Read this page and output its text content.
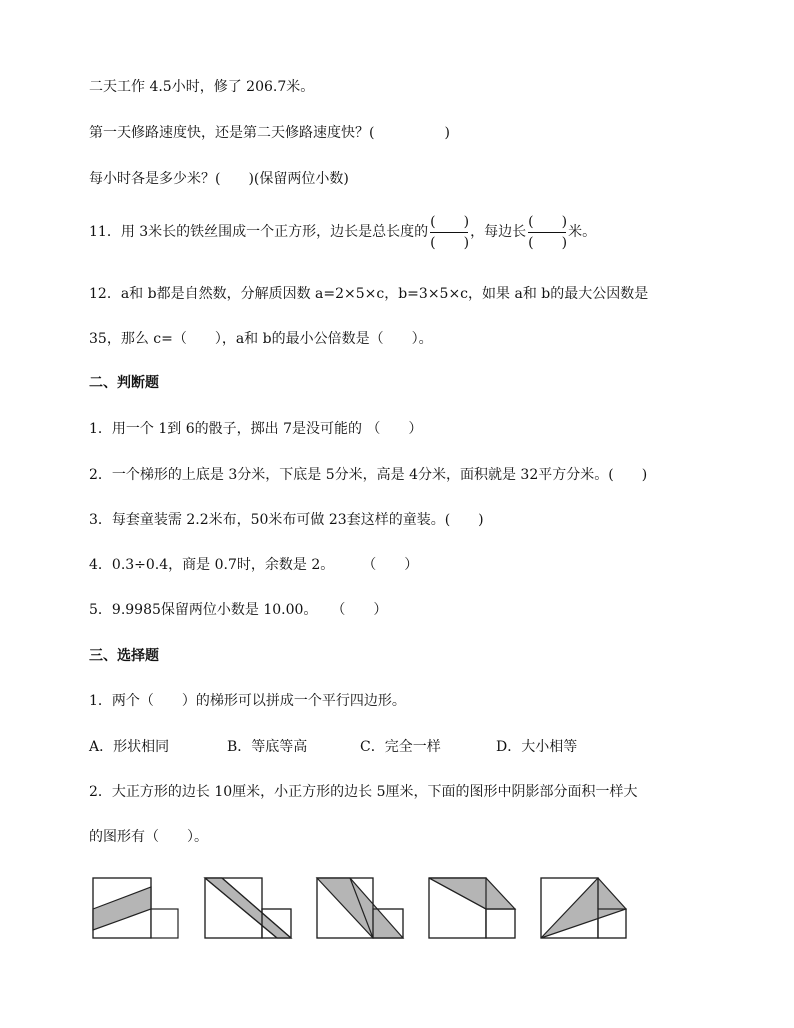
二天工作 4.5小时，修了 206.7米。
第一天修路速度快，还是第二天修路速度快？(　　　　　)
每小时各是多少米？(　　)(保留两位小数)
11．用 3米长的铁丝围成一个正方形，边长是总长度的 $\frac{( )}{( )}$ ，每边长 $\frac{( )}{( )}$ 米。
12．a和 b都是自然数，分解质因数 a=2×5×c，b=3×5×c，如果 a和 b的最大公因数是
35，那么 c=（　　），a和 b的最小公倍数是（　　）。
二、判断题
1．用一个 1到 6的骰子，掷出 7是没可能的 （　　）
2．一个梯形的上底是 3分米，下底是 5分米，高是 4分米，面积就是 32平方分米。(　　)
3．每套童装需 2.2米布，50米布可做 23套这样的童装。(　　)
4．0.3÷0.4，商是 0.7时，余数是 2。　　　（　　）
5．9.9985保留两位小数是 10.00。　　（　　）
三、选择题
1．两个（　　）的梯形可以拼成一个平行四边形。
A．形状相同	B．等底等高	C．完全一样	D．大小相等
2．大正方形的边长 10厘米，小正方形的边长 5厘米，下面的图形中阴影部分面积一样大
的图形有（　　）。
